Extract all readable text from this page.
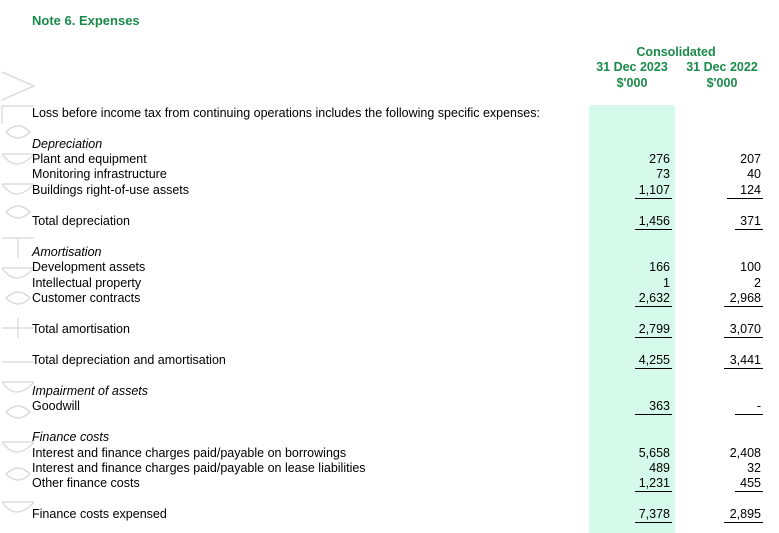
Note 6. Expenses
Consolidated
31 Dec 2023	31 Dec 2022
$'000	$'000
Loss before income tax from continuing operations includes the following specific expenses:
Depreciation
Plant and equipment	276	207
Monitoring infrastructure	73	40
Buildings right-of-use assets	1,107	124
Total depreciation	1,456	371
Amortisation
Development assets	166	100
Intellectual property	1	2
Customer contracts	2,632	2,968
Total amortisation	2,799	3,070
Total depreciation and amortisation	4,255	3,441
Impairment of assets
Goodwill	363	-
Finance costs
Interest and finance charges paid/payable on borrowings	5,658	2,408
Interest and finance charges paid/payable on lease liabilities	489	32
Other finance costs	1,231	455
Finance costs expensed	7,378	2,895
